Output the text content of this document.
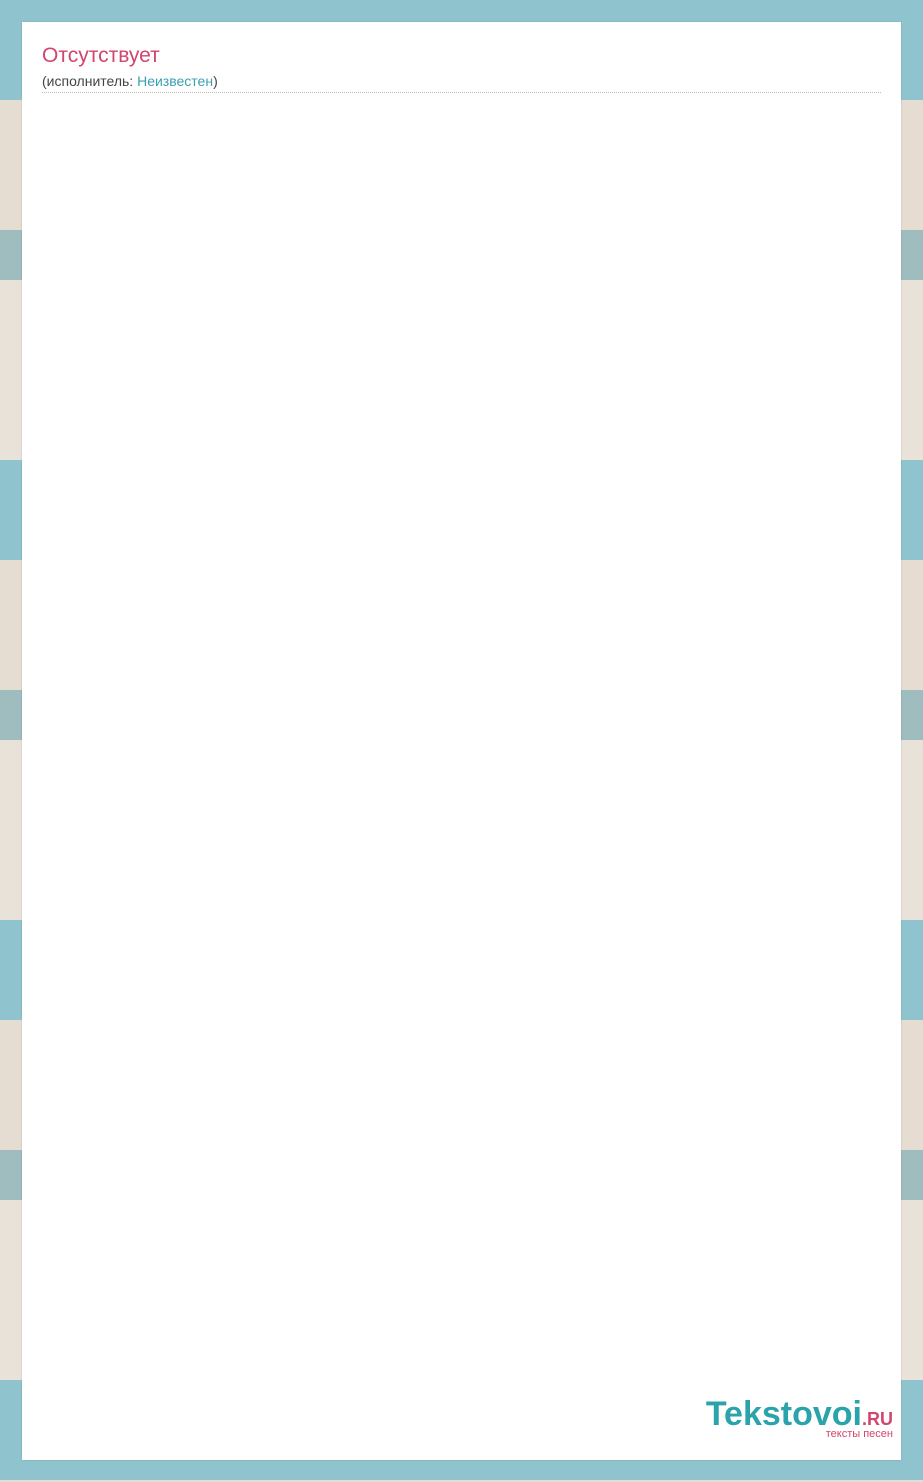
Отсутствует
(исполнитель: Неизвестен)
Tekstovoi.RU
тексты песен
